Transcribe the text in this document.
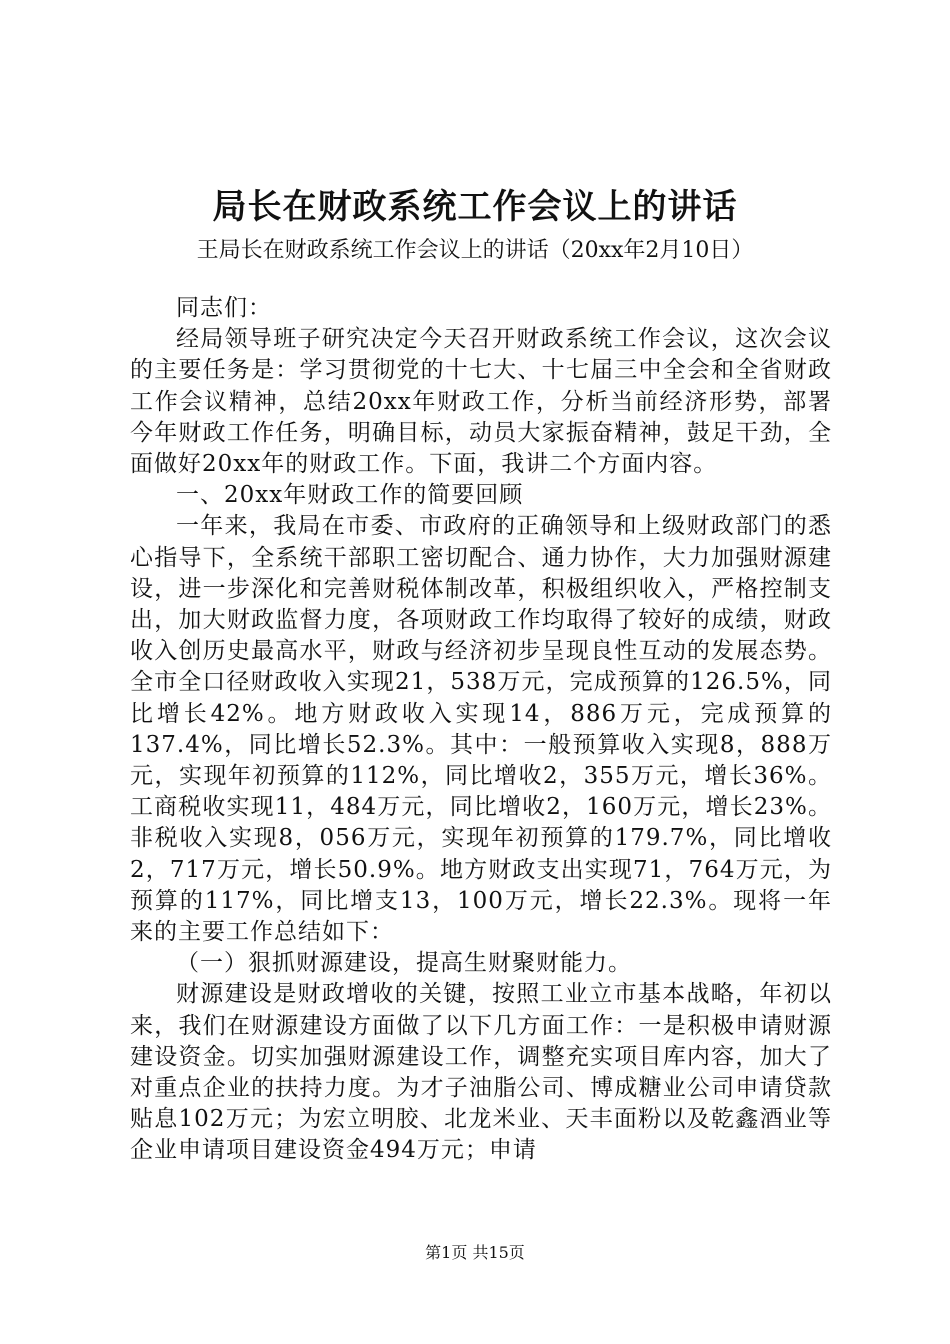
局长在财政系统工作会议上的讲话
王局长在财政系统工作会议上的讲话（20xx年2月10日）

同志们：

经局领导班子研究决定今天召开财政系统工作会议，这次会议的主要任务是：学习贯彻党的十七大、十七届三中全会和全省财政工作会议精神，总结20xx年财政工作，分析当前经济形势，部署今年财政工作任务，明确目标，动员大家振奋精神，鼓足干劲，全面做好20xx年的财政工作。下面，我讲二个方面内容。

一、20xx年财政工作的简要回顾

一年来，我局在市委、市政府的正确领导和上级财政部门的悉心指导下，全系统干部职工密切配合、通力协作，大力加强财源建设，进一步深化和完善财税体制改革，积极组织收入，严格控制支出，加大财政监督力度，各项财政工作均取得了较好的成绩，财政收入创历史最高水平，财政与经济初步呈现良性互动的发展态势。全市全口径财政收入实现21，538万元，完成预算的126.5%，同比增长42%。地方财政收入实现14，886万元，完成预算的137.4%，同比增长52.3%。其中：一般预算收入实现8，888万元，实现年初预算的112%，同比增收2，355万元，增长36%。工商税收实现11，484万元，同比增收2，160万元，增长23%。非税收入实现8，056万元，实现年初预算的179.7%，同比增收2，717万元，增长50.9%。地方财政支出实现71，764万元，为预算的117%，同比增支13，100万元，增长22.3%。现将一年来的主要工作总结如下：

（一）狠抓财源建设，提高生财聚财能力。

财源建设是财政增收的关键，按照工业立市基本战略，年初以来，我们在财源建设方面做了以下几方面工作：一是积极申请财源建设资金。切实加强财源建设工作，调整充实项目库内容，加大了对重点企业的扶持力度。为才子油脂公司、博成糖业公司申请贷款贴息102万元；为宏立明胶、北龙米业、天丰面粉以及乾鑫酒业等企业申请项目建设资金494万元；申请

第1页 共15页
